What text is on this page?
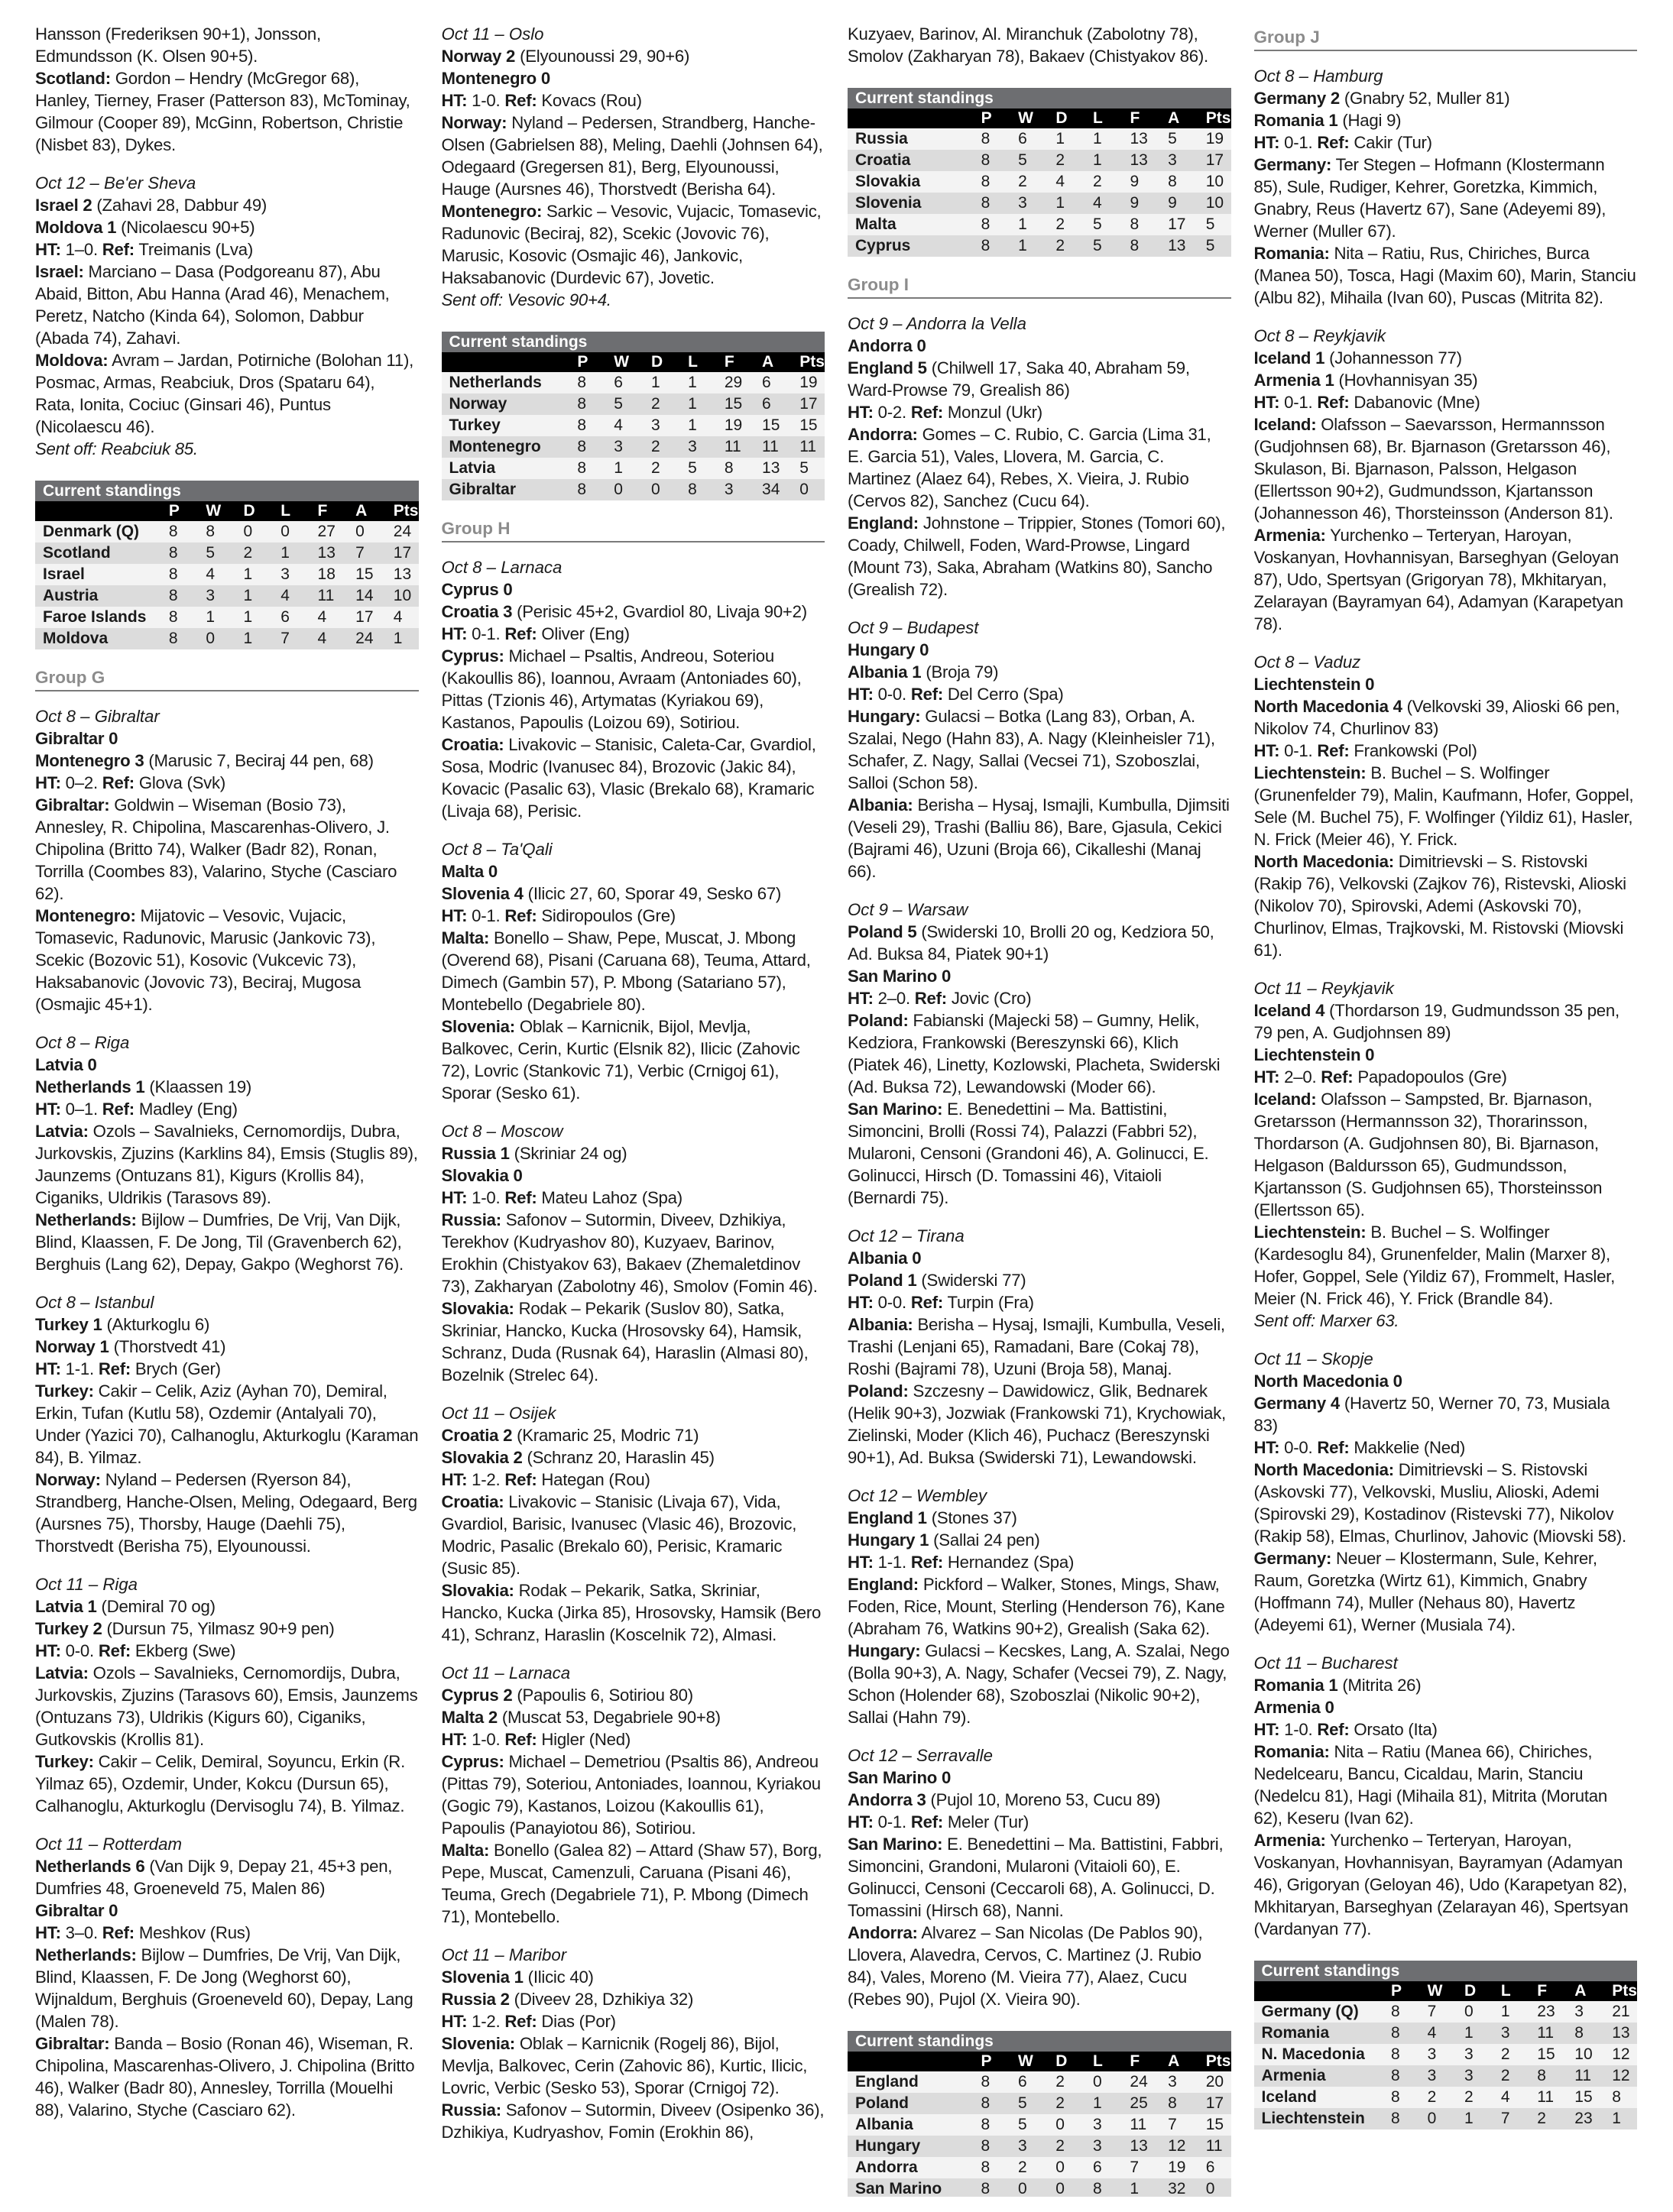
Hansson (Frederiksen 90+1), Jonsson, Edmundsson (K. Olsen 90+5).
Scotland: Gordon – Hendry (McGregor 68), Hanley, Tierney, Fraser (Patterson 83), McTominay, Gilmour (Cooper 89), McGinn, Robertson, Christie (Nisbet 83), Dykes.

Oct 12 – Be'er Sheva

Israel 2 (Zahavi 28, Dabbur 49)
Moldova 1 (Nicolaescu 90+5)
HT: 1–0. Ref: Treimanis (Lva)
Israel: Marciano – Dasa (Podgoreanu 87), Abu Abaid, Bitton, Abu Hanna (Arad 46), Menachem, Peretz, Natcho (Kinda 64), Solomon, Dabbur (Abada 74), Zahavi.
Moldova: Avram – Jardan, Potirniche (Bolohan 11), Posmac, Armas, Reabciuk, Dros (Spataru 64), Rata, Ionita, Cociuc (Ginsari 46), Puntus (Nicolaescu 46).
Sent off: Reabciuk 85.

Current standings
	P	W	D	L	F	A	Pts
Denmark (Q)	8	8	0	0	27	0	24
Scotland	8	5	2	1	13	7	17
Israel	8	4	1	3	18	15	13
Austria	8	3	1	4	11	14	10
Faroe Islands	8	1	1	6	4	17	4
Moldova	8	0	1	7	4	24	1
Group G

Oct 8 – Gibraltar

Gibraltar 0
Montenegro 3 (Marusic 7, Beciraj 44 pen, 68)
HT: 0–2. Ref: Glova (Svk)
Gibraltar: Goldwin – Wiseman (Bosio 73), Annesley, R. Chipolina, Mascarenhas-Olivero, J. Chipolina (Britto 74), Walker (Badr 82), Ronan, Torrilla (Coombes 83), Valarino, Styche (Casciaro 62).
Montenegro: Mijatovic – Vesovic, Vujacic, Tomasevic, Radunovic, Marusic (Jankovic 73), Scekic (Bozovic 51), Kosovic (Vukcevic 73), Haksabanovic (Jovovic 73), Beciraj, Mugosa (Osmajic 45+1).

Oct 8 – Riga

Latvia 0
Netherlands 1 (Klaassen 19)
HT: 0–1. Ref: Madley (Eng)
Latvia: Ozols – Savalnieks, Cernomordijs, Dubra, Jurkovskis, Zjuzins (Karklins 84), Emsis (Stuglis 89), Jaunzems (Ontuzans 81), Kigurs (Krollis 84), Ciganiks, Uldrikis (Tarasovs 89).
Netherlands: Bijlow – Dumfries, De Vrij, Van Dijk, Blind, Klaassen, F. De Jong, Til (Gravenberch 62), Berghuis (Lang 62), Depay, Gakpo (Weghorst 76).

Oct 8 – Istanbul

Turkey 1 (Akturkoglu 6)
Norway 1 (Thorstvedt 41)
HT: 1-1. Ref: Brych (Ger)
Turkey: Cakir – Celik, Aziz (Ayhan 70), Demiral, Erkin, Tufan (Kutlu 58), Ozdemir (Antalyali 70), Under (Yazici 70), Calhanoglu, Akturkoglu (Karaman 84), B. Yilmaz.
Norway: Nyland – Pedersen (Ryerson 84), Strandberg, Hanche-Olsen, Meling, Odegaard, Berg (Aursnes 75), Thorsby, Hauge (Daehli 75), Thorstvedt (Berisha 75), Elyounoussi.

Oct 11 – Riga

Latvia 1 (Demiral 70 og)
Turkey 2 (Dursun 75, Yilmasz 90+9 pen)
HT: 0-0. Ref: Ekberg (Swe)
Latvia: Ozols – Savalnieks, Cernomordijs, Dubra, Jurkovskis, Zjuzins (Tarasovs 60), Emsis, Jaunzems (Ontuzans 73), Uldrikis (Kigurs 60), Ciganiks, Gutkovskis (Krollis 81).
Turkey: Cakir – Celik, Demiral, Soyuncu, Erkin (R. Yilmaz 65), Ozdemir, Under, Kokcu (Dursun 65), Calhanoglu, Akturkoglu (Dervisoglu 74), B. Yilmaz.

Oct 11 – Rotterdam

Netherlands 6 (Van Dijk 9, Depay 21, 45+3 pen, Dumfries 48, Groeneveld 75, Malen 86)
Gibraltar 0
HT: 3–0. Ref: Meshkov (Rus)
Netherlands: Bijlow – Dumfries, De Vrij, Van Dijk, Blind, Klaassen, F. De Jong (Weghorst 60), Wijnaldum, Berghuis (Groeneveld 60), Depay, Lang (Malen 78).
Gibraltar: Banda – Bosio (Ronan 46), Wiseman, R. Chipolina, Mascarenhas-Olivero, J. Chipolina (Britto 46), Walker (Badr 80), Annesley, Torrilla (Mouelhi 88), Valarino, Styche (Casciaro 62).

Oct 11 – Oslo

Norway 2 (Elyounoussi 29, 90+6)
Montenegro 0
HT: 1-0. Ref: Kovacs (Rou)
Norway: Nyland – Pedersen, Strandberg, Hanche-Olsen (Gabrielsen 88), Meling, Daehli (Johnsen 64), Odegaard (Gregersen 81), Berg, Elyounoussi, Hauge (Aursnes 46), Thorstvedt (Berisha 64).
Montenegro: Sarkic – Vesovic, Vujacic, Tomasevic, Radunovic (Beciraj, 82), Scekic (Jovovic 76), Marusic, Kosovic (Osmajic 46), Jankovic, Haksabanovic (Durdevic 67), Jovetic.
Sent off: Vesovic 90+4.

Current standings
	P	W	D	L	F	A	Pts
Netherlands	8	6	1	1	29	6	19
Norway	8	5	2	1	15	6	17
Turkey	8	4	3	1	19	15	15
Montenegro	8	3	2	3	11	11	11
Latvia	8	1	2	5	8	13	5
Gibraltar	8	0	0	8	3	34	0
Group H

Oct 8 – Larnaca

Cyprus 0
Croatia 3 (Perisic 45+2, Gvardiol 80, Livaja 90+2)
HT: 0-1. Ref: Oliver (Eng)
Cyprus: Michael – Psaltis, Andreou, Soteriou (Kakoullis 86), Ioannou, Avraam (Antoniades 60), Pittas (Tzionis 46), Artymatas (Kyriakou 69), Kastanos, Papoulis (Loizou 69), Sotiriou.
Croatia: Livakovic – Stanisic, Caleta-Car, Gvardiol, Sosa, Modric (Ivanusec 84), Brozovic (Jakic 84), Kovacic (Pasalic 63), Vlasic (Brekalo 68), Kramaric (Livaja 68), Perisic.

Oct 8 – Ta'Qali

Malta 0
Slovenia 4 (Ilicic 27, 60, Sporar 49, Sesko 67)
HT: 0-1. Ref: Sidiropoulos (Gre)
Malta: Bonello – Shaw, Pepe, Muscat, J. Mbong (Overend 68), Pisani (Caruana 68), Teuma, Attard, Dimech (Gambin 57), P. Mbong (Satariano 57), Montebello (Degabriele 80).
Slovenia: Oblak – Karnicnik, Bijol, Mevlja, Balkovec, Cerin, Kurtic (Elsnik 82), Ilicic (Zahovic 72), Lovric (Stankovic 71), Verbic (Crnigoj 61), Sporar (Sesko 61).

Oct 8 – Moscow

Russia 1 (Skriniar 24 og)
Slovakia 0
HT: 1-0. Ref: Mateu Lahoz (Spa)
Russia: Safonov – Sutormin, Diveev, Dzhikiya, Terekhov (Kudryashov 80), Kuzyaev, Barinov, Erokhin (Chistyakov 63), Bakaev (Zhemaletdinov 73), Zakharyan (Zabolotny 46), Smolov (Fomin 46).
Slovakia: Rodak – Pekarik (Suslov 80), Satka, Skriniar, Hancko, Kucka (Hrosovsky 64), Hamsik, Schranz, Duda (Rusnak 64), Haraslin (Almasi 80), Bozelnik (Strelec 64).

Oct 11 – Osijek

Croatia 2 (Kramaric 25, Modric 71)
Slovakia 2 (Schranz 20, Haraslin 45)
HT: 1-2. Ref: Hategan (Rou)
Croatia: Livakovic – Stanisic (Livaja 67), Vida, Gvardiol, Barisic, Ivanusec (Vlasic 46), Brozovic, Modric, Pasalic (Brekalo 60), Perisic, Kramaric (Susic 85).
Slovakia: Rodak – Pekarik, Satka, Skriniar, Hancko, Kucka (Jirka 85), Hrosovsky, Hamsik (Bero 41), Schranz, Haraslin (Koscelnik 72), Almasi.

Oct 11 – Larnaca

Cyprus 2 (Papoulis 6, Sotiriou 80)
Malta 2 (Muscat 53, Degabriele 90+8)
HT: 1-0. Ref: Higler (Ned)
Cyprus: Michael – Demetriou (Psaltis 86), Andreou (Pittas 79), Soteriou, Antoniades, Ioannou, Kyriakou (Gogic 79), Kastanos, Loizou (Kakoullis 61), Papoulis (Panayiotou 86), Sotiriou.
Malta: Bonello (Galea 82) – Attard (Shaw 57), Borg, Pepe, Muscat, Camenzuli, Caruana (Pisani 46), Teuma, Grech (Degabriele 71), P. Mbong (Dimech 71), Montebello.

Oct 11 – Maribor

Slovenia 1 (Ilicic 40)
Russia 2 (Diveev 28, Dzhikiya 32)
HT: 1-2. Ref: Dias (Por)
Slovenia: Oblak – Karnicnik (Rogelj 86), Bijol, Mevlja, Balkovec, Cerin (Zahovic 86), Kurtic, Ilicic, Lovric, Verbic (Sesko 53), Sporar (Crnigoj 72).
Russia: Safonov – Sutormin, Diveev (Osipenko 36), Dzhikiya, Kudryashov, Fomin (Erokhin 86),

Kuzyaev, Barinov, Al. Miranchuk (Zabolotny 78), Smolov (Zakharyan 78), Bakaev (Chistyakov 86).

Current standings
	P	W	D	L	F	A	Pts
Russia	8	6	1	1	13	5	19
Croatia	8	5	2	1	13	3	17
Slovakia	8	2	4	2	9	8	10
Slovenia	8	3	1	4	9	9	10
Malta	8	1	2	5	8	17	5
Cyprus	8	1	2	5	8	13	5
Group I

Oct 9 – Andorra la Vella

Andorra 0
England 5 (Chilwell 17, Saka 40, Abraham 59, Ward-Prowse 79, Grealish 86)
HT: 0-2. Ref: Monzul (Ukr)
Andorra: Gomes – C. Rubio, C. Garcia (Lima 31, E. Garcia 51), Vales, Llovera, M. Garcia, C. Martinez (Alaez 64), Rebes, X. Vieira, J. Rubio (Cervos 82), Sanchez (Cucu 64).
England: Johnstone – Trippier, Stones (Tomori 60), Coady, Chilwell, Foden, Ward-Prowse, Lingard (Mount 73), Saka, Abraham (Watkins 80), Sancho (Grealish 72).

Oct 9 – Budapest

Hungary 0
Albania 1 (Broja 79)
HT: 0-0. Ref: Del Cerro (Spa)
Hungary: Gulacsi – Botka (Lang 83), Orban, A. Szalai, Nego (Hahn 83), A. Nagy (Kleinheisler 71), Schafer, Z. Nagy, Sallai (Vecsei 71), Szoboszlai, Salloi (Schon 58).
Albania: Berisha – Hysaj, Ismajli, Kumbulla, Djimsiti (Veseli 29), Trashi (Balliu 86), Bare, Gjasula, Cekici (Bajrami 46), Uzuni (Broja 66), Cikalleshi (Manaj 66).

Oct 9 – Warsaw

Poland 5 (Swiderski 10, Brolli 20 og, Kedziora 50, Ad. Buksa 84, Piatek 90+1)
San Marino 0
HT: 2–0. Ref: Jovic (Cro)
Poland: Fabianski (Majecki 58) – Gumny, Helik, Kedziora, Frankowski (Bereszynski 66), Klich (Piatek 46), Linetty, Kozlowski, Placheta, Swiderski (Ad. Buksa 72), Lewandowski (Moder 66).
San Marino: E. Benedettini – Ma. Battistini, Simoncini, Brolli (Rossi 74), Palazzi (Fabbri 52), Mularoni, Censoni (Grandoni 46), A. Golinucci, E. Golinucci, Hirsch (D. Tomassini 46), Vitaioli (Bernardi 75).

Oct 12 – Tirana

Albania 0
Poland 1 (Swiderski 77)
HT: 0-0. Ref: Turpin (Fra)
Albania: Berisha – Hysaj, Ismajli, Kumbulla, Veseli, Trashi (Lenjani 65), Ramadani, Bare (Cokaj 78), Roshi (Bajrami 78), Uzuni (Broja 58), Manaj.
Poland: Szczesny – Dawidowicz, Glik, Bednarek (Helik 90+3), Jozwiak (Frankowski 71), Krychowiak, Zielinski, Moder (Klich 46), Puchacz (Bereszynski 90+1), Ad. Buksa (Swiderski 71), Lewandowski.

Oct 12 – Wembley

England 1 (Stones 37)
Hungary 1 (Sallai 24 pen)
HT: 1-1. Ref: Hernandez (Spa)
England: Pickford – Walker, Stones, Mings, Shaw, Foden, Rice, Mount, Sterling (Henderson 76), Kane (Abraham 76, Watkins 90+2), Grealish (Saka 62).
Hungary: Gulacsi – Kecskes, Lang, A. Szalai, Nego (Bolla 90+3), A. Nagy, Schafer (Vecsei 79), Z. Nagy, Schon (Holender 68), Szoboszlai (Nikolic 90+2), Sallai (Hahn 79).

Oct 12 – Serravalle

San Marino 0
Andorra 3 (Pujol 10, Moreno 53, Cucu 89)
HT: 0-1. Ref: Meler (Tur)
San Marino: E. Benedettini – Ma. Battistini, Fabbri, Simoncini, Grandoni, Mularoni (Vitaioli 60), E. Golinucci, Censoni (Ceccaroli 68), A. Golinucci, D. Tomassini (Hirsch 68), Nanni.
Andorra: Alvarez – San Nicolas (De Pablos 90), Llovera, Alavedra, Cervos, C. Martinez (J. Rubio 84), Vales, Moreno (M. Vieira 77), Alaez, Cucu (Rebes 90), Pujol (X. Vieira 90).

Current standings
	P	W	D	L	F	A	Pts
England	8	6	2	0	24	3	20
Poland	8	5	2	1	25	8	17
Albania	8	5	0	3	11	7	15
Hungary	8	3	2	3	13	12	11
Andorra	8	2	0	6	7	19	6
San Marino	8	0	0	8	1	32	0
Group J

Oct 8 – Hamburg

Germany 2 (Gnabry 52, Muller 81)
Romania 1 (Hagi 9)
HT: 0-1. Ref: Cakir (Tur)
Germany: Ter Stegen – Hofmann (Klostermann 85), Sule, Rudiger, Kehrer, Goretzka, Kimmich, Gnabry, Reus (Havertz 67), Sane (Adeyemi 89), Werner (Muller 67).
Romania: Nita – Ratiu, Rus, Chiriches, Burca (Manea 50), Tosca, Hagi (Maxim 60), Marin, Stanciu (Albu 82), Mihaila (Ivan 60), Puscas (Mitrita 82).

Oct 8 – Reykjavik

Iceland 1 (Johannesson 77)
Armenia 1 (Hovhannisyan 35)
HT: 0-1. Ref: Dabanovic (Mne)
Iceland: Olafsson – Saevarsson, Hermannsson (Gudjohnsen 68), Br. Bjarnason (Gretarsson 46), Skulason, Bi. Bjarnason, Palsson, Helgason (Ellertsson 90+2), Gudmundsson, Kjartansson (Johannesson 46), Thorsteinsson (Anderson 81).
Armenia: Yurchenko – Terteryan, Haroyan, Voskanyan, Hovhannisyan, Barseghyan (Geloyan 87), Udo, Spertsyan (Grigoryan 78), Mkhitaryan, Zelarayan (Bayramyan 64), Adamyan (Karapetyan 78).

Oct 8 – Vaduz

Liechtenstein 0
North Macedonia 4 (Velkovski 39, Alioski 66 pen, Nikolov 74, Churlinov 83)
HT: 0-1. Ref: Frankowski (Pol)
Liechtenstein: B. Buchel – S. Wolfinger (Grunenfelder 79), Malin, Kaufmann, Hofer, Goppel, Sele (M. Buchel 75), F. Wolfinger (Yildiz 61), Hasler, N. Frick (Meier 46), Y. Frick.
North Macedonia: Dimitrievski – S. Ristovski (Rakip 76), Velkovski (Zajkov 76), Ristevski, Alioski (Nikolov 70), Spirovski, Ademi (Askovski 70), Churlinov, Elmas, Trajkovski, M. Ristovski (Miovski 61).

Oct 11 – Reykjavik

Iceland 4 (Thordarson 19, Gudmundsson 35 pen, 79 pen, A. Gudjohnsen 89)
Liechtenstein 0
HT: 2–0. Ref: Papadopoulos (Gre)
Iceland: Olafsson – Sampsted, Br. Bjarnason, Gretarsson (Hermannsson 32), Thorarinsson, Thordarson (A. Gudjohnsen 80), Bi. Bjarnason, Helgason (Baldursson 65), Gudmundsson, Kjartansson (S. Gudjohnsen 65), Thorsteinsson (Ellertsson 65).
Liechtenstein: B. Buchel – S. Wolfinger (Kardesoglu 84), Grunenfelder, Malin (Marxer 8), Hofer, Goppel, Sele (Yildiz 67), Frommelt, Hasler, Meier (N. Frick 46), Y. Frick (Brandle 84).
Sent off: Marxer 63.

Oct 11 – Skopje

North Macedonia 0
Germany 4 (Havertz 50, Werner 70, 73, Musiala 83)
HT: 0-0. Ref: Makkelie (Ned)
North Macedonia: Dimitrievski – S. Ristovski (Askovski 77), Velkovski, Musliu, Alioski, Ademi (Spirovski 29), Kostadinov (Ristevski 77), Nikolov (Rakip 58), Elmas, Churlinov, Jahovic (Miovski 58).
Germany: Neuer – Klostermann, Sule, Kehrer, Raum, Goretzka (Wirtz 61), Kimmich, Gnabry (Hoffmann 74), Muller (Nehaus 80), Havertz (Adeyemi 61), Werner (Musiala 74).

Oct 11 – Bucharest

Romania 1 (Mitrita 26)
Armenia 0
HT: 1-0. Ref: Orsato (Ita)
Romania: Nita – Ratiu (Manea 66), Chiriches, Nedelcearu, Bancu, Cicaldau, Marin, Stanciu (Nedelcu 81), Hagi (Mihaila 81), Mitrita (Morutan 62), Keseru (Ivan 62).
Armenia: Yurchenko – Terteryan, Haroyan, Voskanyan, Hovhannisyan, Bayramyan (Adamyan 46), Grigoryan (Geloyan 46), Udo (Karapetyan 82), Mkhitaryan, Barseghyan (Zelarayan 46), Spertsyan (Vardanyan 77).

Current standings
	P	W	D	L	F	A	Pts
Germany (Q)	8	7	0	1	23	3	21
Romania	8	4	1	3	11	8	13
N. Macedonia	8	3	3	2	15	10	12
Armenia	8	3	3	2	8	11	12
Iceland	8	2	2	4	11	15	8
Liechtenstein	8	0	1	7	2	23	1
